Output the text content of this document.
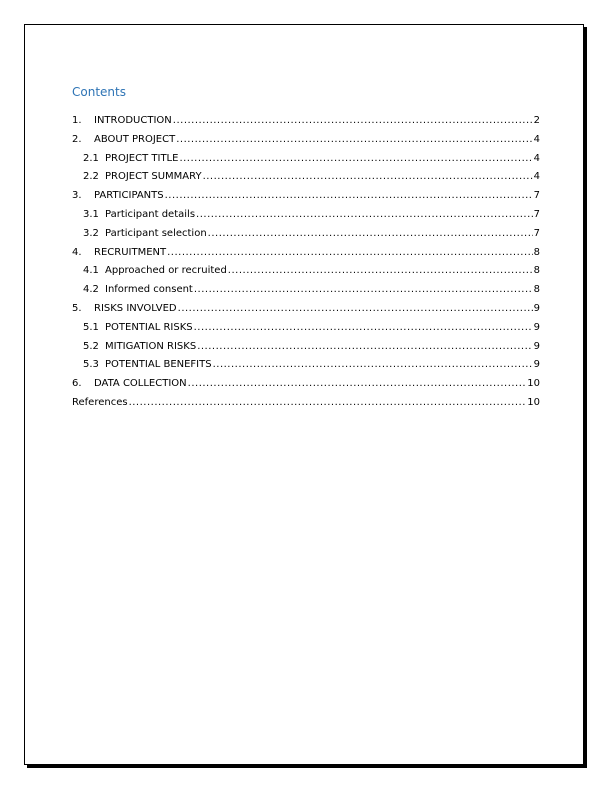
Contents
1.	INTRODUCTION .....	2
2.	ABOUT PROJECT .....	4
2.1 PROJECT TITLE .....	4
2.2 PROJECT SUMMARY .....	4
3.	PARTICIPANTS .....	7
3.1 Participant details .....	7
3.2 Participant selection .....	7
4.	RECRUITMENT .....	8
4.1 Approached or recruited .....	8
4.2 Informed consent .....	8
5.	RISKS INVOLVED .....	9
5.1 POTENTIAL RISKS .....	9
5.2 MITIGATION RISKS .....	9
5.3 POTENTIAL BENEFITS .....	9
6.	DATA COLLECTION .....	10
References .....	10
